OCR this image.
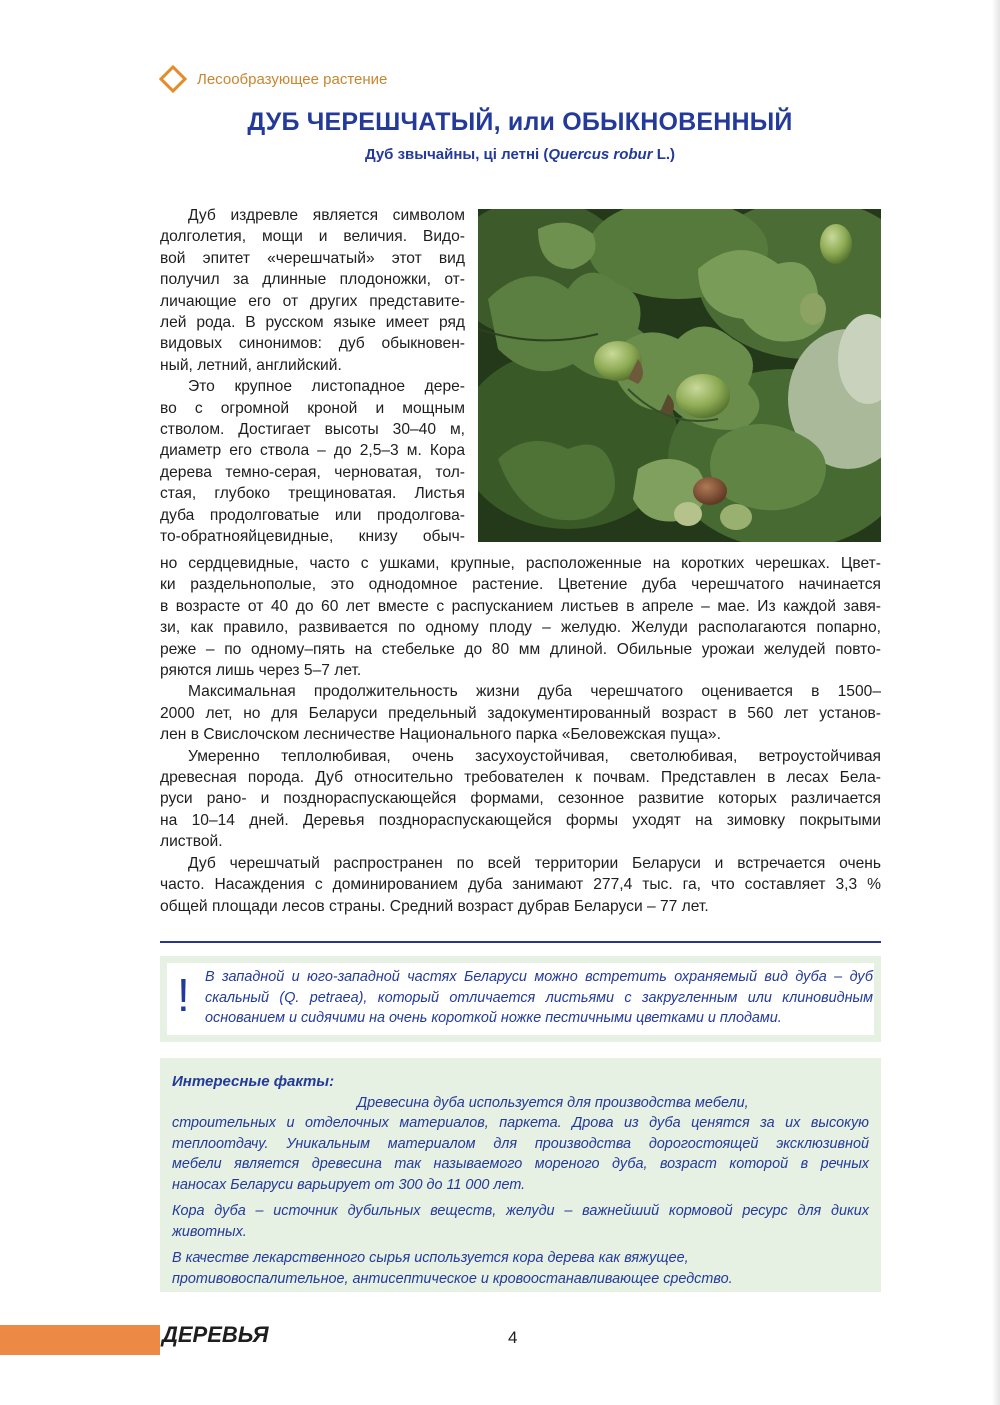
Лесообразующее растение
ДУБ ЧЕРЕШЧАТЫЙ, или ОБЫКНОВЕННЫЙ

Дуб звычайны, ці летні (Quercus robur L.)

Дуб издревле является символом
долголетия, мощи и величия. Видо-
вой эпитет «черешчатый» этот вид
получил за длинные плодоножки, от-
личающие его от других представите-
лей рода. В русском языке имеет ряд
видовых синонимов: дуб обыкновен-
ный, летний, английский.
Это крупное листопадное дере-
во с огромной кроной и мощным
стволом. Достигает высоты 30–40 м,
диаметр его ствола – до 2,5–3 м. Кора
дерева темно-серая, черноватая, тол-
стая, глубоко трещиноватая. Листья
дуба продолговатые или продолгова-
то-обратнояйцевидные, книзу обыч-
но сердцевидные, часто с ушками, крупные, расположенные на коротких черешках. Цвет-
ки раздельнополые, это однодомное растение. Цветение дуба черешчатого начинается
в возрасте от 40 до 60 лет вместе с распусканием листьев в апреле – мае. Из каждой завя-
зи, как правило, развивается по одному плоду – желудю. Желуди располагаются попарно,
реже – по одному–пять на стебельке до 80 мм длиной. Обильные урожаи желудей повто-
ряются лишь через 5–7 лет.
Максимальная продолжительность жизни дуба черешчатого оценивается в 1500–
2000 лет, но для Беларуси предельный задокументированный возраст в 560 лет установ-
лен в Свислочском лесничестве Национального парка «Беловежская пуща».
Умеренно теплолюбивая, очень засухоустойчивая, светолюбивая, ветроустойчивая
древесная порода. Дуб относительно требователен к почвам. Представлен в лесах Бела-
руси рано- и позднораспускающейся формами, сезонное развитие которых различается
на 10–14 дней. Деревья позднораспускающейся формы уходят на зимовку покрытыми
листвой.
Дуб черешчатый распространен по всей территории Беларуси и встречается очень
часто. Насаждения с доминированием дуба занимают 277,4 тыс. га, что составляет 3,3 %
общей площади лесов страны. Средний возраст дубрав Беларуси – 77 лет.
! В западной и юго-западной частях Беларуси можно встретить охраняемый вид дуба – дуб
скальный (Q. petraea), который отличается листьями с закругленным или клиновидным
основанием и сидячими на очень короткой ножке пестичными цветками и плодами.

Интересные факты:
Древесина дуба используется для производства мебели,
строительных и отделочных материалов, паркета. Дрова из дуба ценятся за их высокую
теплоотдачу. Уникальным материалом для производства дорогостоящей эксклюзивной
мебели является древесина так называемого мореного дуба, возраст которой в речных
наносах Беларуси варьирует от 300 до 11 000 лет.

Кора дуба – источник дубильных веществ, желуди – важнейший кормовой ресурс для диких
животных.

В качестве лекарственного сырья используется кора дерева как вяжущее,
противовоспалительное, антисептическое и кровоостанавливающее средство.

ДЕРЕВЬЯ	4
